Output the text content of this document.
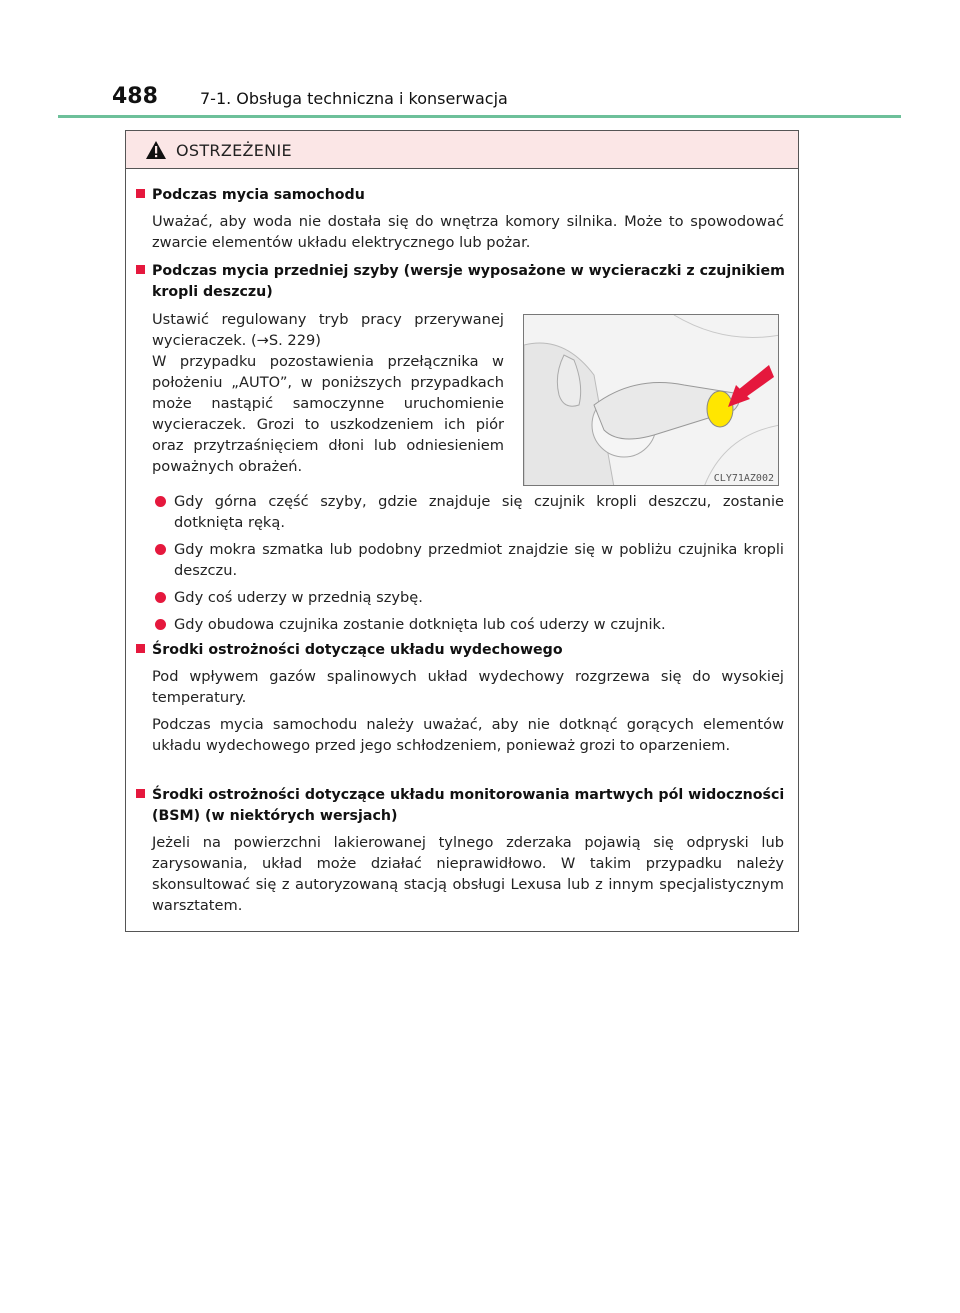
488	7-1. Obsługa techniczna i konserwacja
OSTRZEŻENIE
Podczas mycia samochodu
Uważać, aby woda nie dostała się do wnętrza komory silnika. Może to spowodować zwarcie elementów układu elektrycznego lub pożar.
Podczas mycia przedniej szyby (wersje wyposażone w wycieraczki z czujnikiem
kropli deszczu)
Ustawić regulowany tryb pracy przerywanej wycieraczek. (→S. 229)
W przypadku pozostawienia przełącznika w położeniu „AUTO”, w poniższych przypadkach może nastąpić samoczynne uruchomienie wycieraczek. Grozi to uszkodzeniem ich piór oraz przytrzaśnięciem dłoni lub odniesieniem poważnych obrażeń.
CLY71AZ002
Gdy górna część szyby, gdzie znajduje się czujnik kropli deszczu, zostanie dotknięta ręką.
Gdy mokra szmatka lub podobny przedmiot znajdzie się w pobliżu czujnika kropli deszczu.
Gdy coś uderzy w przednią szybę.
Gdy obudowa czujnika zostanie dotknięta lub coś uderzy w czujnik.
Środki ostrożności dotyczące układu wydechowego
Pod wpływem gazów spalinowych układ wydechowy rozgrzewa się do wysokiej temperatury.
Podczas mycia samochodu należy uważać, aby nie dotknąć gorących elementów układu wydechowego przed jego schłodzeniem, ponieważ grozi to oparzeniem.
Środki ostrożności dotyczące układu monitorowania martwych pól widoczności
(BSM) (w niektórych wersjach)
Jeżeli na powierzchni lakierowanej tylnego zderzaka pojawią się odpryski lub zarysowania, układ może działać nieprawidłowo. W takim przypadku należy skonsultować się z autoryzowaną stacją obsługi Lexusa lub z innym specjalistycznym warsztatem.
